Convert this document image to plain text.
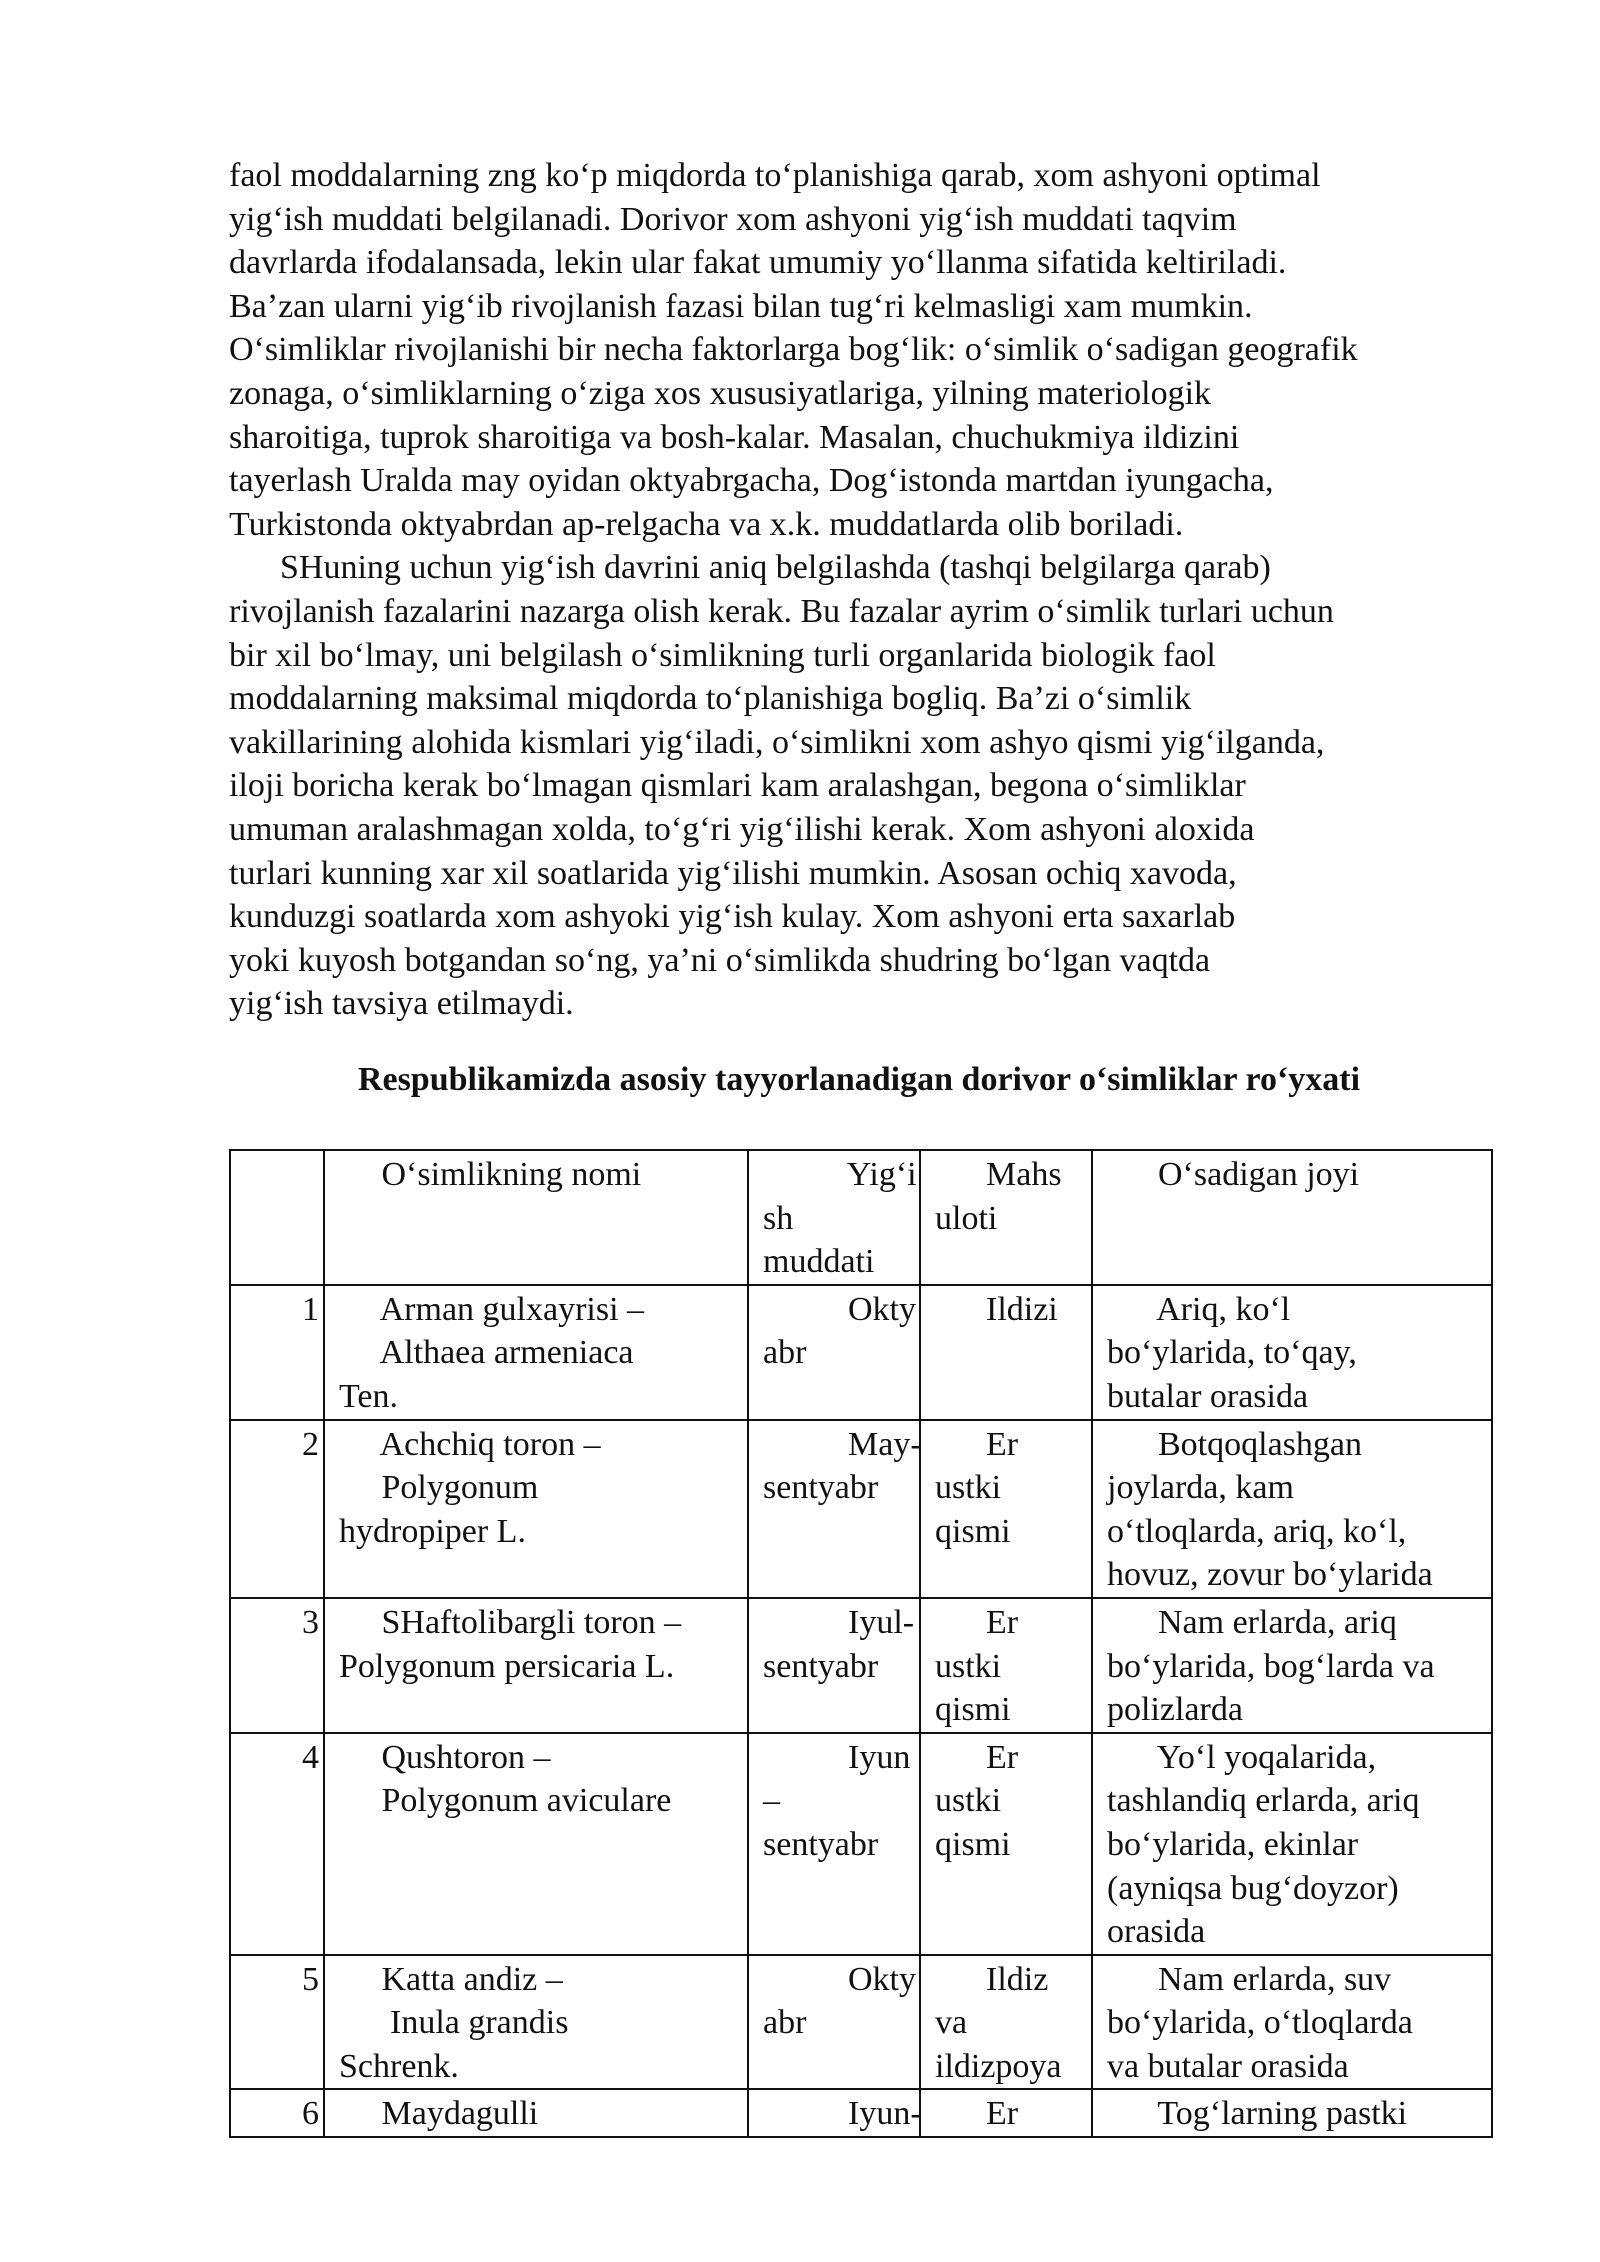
faol moddalarning zng koʻp miqdorda toʻplanishiga qarab, xom ashyoni optimal
yigʻish muddati belgilanadi. Dorivor xom ashyoni yigʻish muddati taqvim
davrlarda ifodalansada, lekin ular fakat umumiy yoʻllanma sifatida keltiriladi.
Baʼzan ularni yigʻib rivojlanish fazasi bilan tugʻri kelmasligi xam mumkin.
Oʻsimliklar rivojlanishi bir necha faktorlarga bogʻlik: oʻsimlik oʻsadigan geografik
zonaga, oʻsimliklarning oʻziga xos xususiyatlariga, yilning materiologik
sharoitiga, tuprok sharoitiga va bosh-kalar. Masalan, chuchukmiya ildizini
tayerlash Uralda may oyidan oktyabrgacha, Dogʻistonda martdan iyungacha,
Turkistonda oktyabrdan ap-relgacha va x.k. muddatlarda olib boriladi.
SHuning uchun yigʻish davrini aniq belgilashda (tashqi belgilarga qarab)
rivojlanish fazalarini nazarga olish kerak. Bu fazalar ayrim oʻsimlik turlari uchun
bir xil boʻlmay, uni belgilash oʻsimlikning turli organlarida biologik faol
moddalarning maksimal miqdorda toʻplanishiga bogliq. Baʼzi oʻsimlik
vakillarining alohida kismlari yigʻiladi, oʻsimlikni xom ashyo qismi yigʻilganda,
iloji boricha kerak boʻlmagan qismlari kam aralashgan, begona oʻsimliklar
umuman aralashmagan xolda, toʻgʻri yigʻilishi kerak. Xom ashyoni aloxida
turlari kunning xar xil soatlarida yigʻilishi mumkin. Asosan ochiq xavoda,
kunduzgi soatlarda xom ashyoki yigʻish kulay. Xom ashyoni erta saxarlab
yoki kuyosh botgandan soʻng, yaʼni oʻsimlikda shudring boʻlgan vaqtda
yigʻish tavsiya etilmaydi.
Respublikamizda asosiy tayyorlanadigan dorivor oʻsimliklar roʻyxati

	Oʻsimlikning nomi	Yigʻi
sh
muddati	Mahs
uloti	Oʻsadigan joyi

1	Arman gulxayrisi –
Althaea armeniaca
Ten.	Okty
abr	Ildizi	Ariq, koʻl
boʻylarida, toʻqay,
butalar orasida

2	Achchiq toron –
Polygonum
hydropiper L.	May-
sentyabr	Er
ustki
qismi	Botqoqlashgan
joylarda, kam
oʻtloqlarda, ariq, koʻl,
hovuz, zovur boʻylarida

3	SHaftolibargli toron –
Polygonum persicaria L.	Iyul-
sentyabr	Er
ustki
qismi	Nam erlarda, ariq
boʻylarida, bogʻlarda va
polizlarda

4	Qushtoron –
Polygonum aviculare	Iyun
–
sentyabr	Er
ustki
qismi	Yoʻl yoqalarida,
tashlandiq erlarda, ariq
boʻylarida, ekinlar
(ayniqsa bugʻdoyzor)
orasida

5	Katta andiz –
Inula grandis
Schrenk.	Okty
abr	Ildiz
va
ildizpoya	Nam erlarda, suv
boʻylarida, oʻtloqlarda
va butalar orasida

6	Maydagulli	Iyun-	Er	Togʻlarning pastki
